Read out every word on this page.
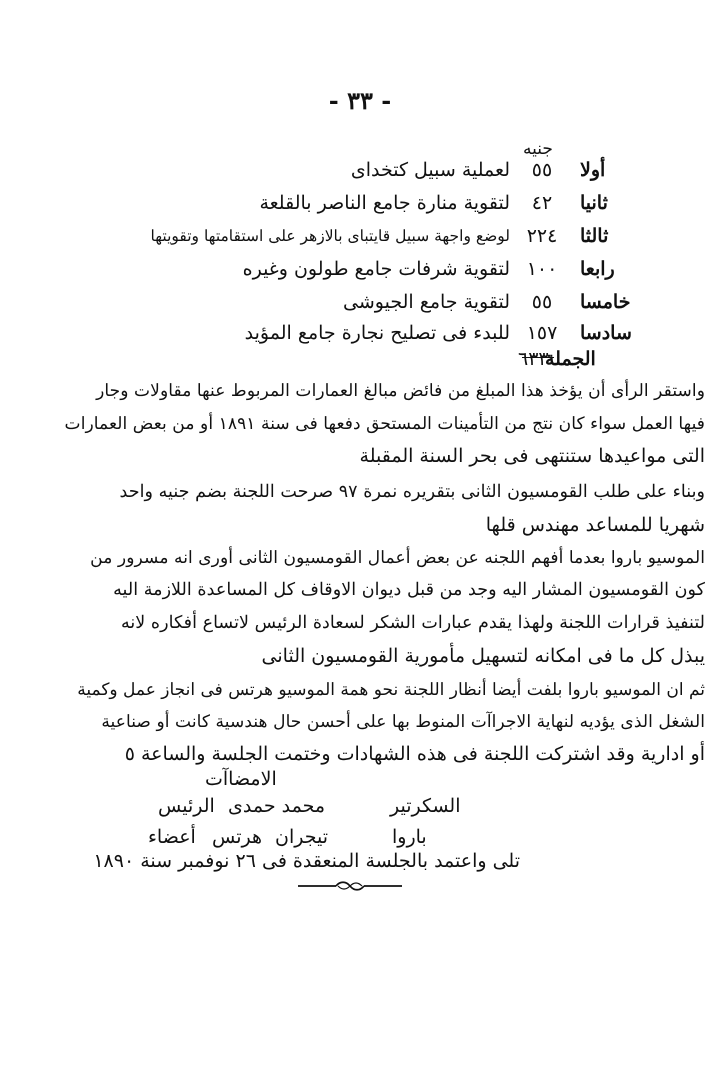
- ٣٣ -
جنيه
أولا
٥٥
لعملية سبيل كتخداى
ثانيا
٤٢
لتقوية منارة جامع الناصر بالقلعة
ثالثا
٢٢٤
لوضع واجهة سبيل قايتباى بالازهر على استقامتها وتقويتها
رابعا
١٠٠
لتقوية شرفات جامع طولون وغيره
خامسا
٥٥
لتقوية جامع الجيوشى
سادسا
١٥٧
للبدء فى تصليح نجارة جامع المؤيد
الجملة
٦٣٣
واستقر الرأى أن يؤخذ هذا المبلغ من فائض مبالغ العمارات المربوط عنها مقاولات وجار
فيها العمل سواء كان نتج من التأمينات المستحق دفعها فى سنة ١٨٩١ أو من بعض العمارات
التى مواعيدها ستنتهى فى بحر السنة المقبلة
وبناء على طلب القومسيون الثانى بتقريره نمرة ٩٧ صرحت اللجنة بضم جنيه واحد
شهريا للمساعد مهندس قلها
الموسيو باروا بعدما أفهم اللجنه عن بعض أعمال القومسيون الثانى أورى انه مسرور من
كون القومسيون المشار اليه وجد من قبل ديوان الاوقاف كل المساعدة اللازمة اليه
لتنفيذ قرارات اللجنة ولهذا يقدم عبارات الشكر لسعادة الرئيس لاتساع أفكاره لانه
يبذل كل ما فى امكانه لتسهيل مأمورية القومسيون الثانى
ثم ان الموسيو باروا بلفت أيضا أنظار اللجنة نحو همة الموسيو هرتس فى انجاز عمل وكمية
الشغل الذى يؤديه لنهاية الاجراآت المنوط بها على أحسن حال هندسية كانت أو صناعية
أو ادارية وقد اشتركت اللجنة فى هذه الشهادات وختمت الجلسة والساعة ٥
الامضاآت
الرئيس محمد حمدى	السكرتير
أعضاء هرتس تيجران	باروا
تلى واعتمد بالجلسة المنعقدة فى ٢٦ نوفمبر سنة ١٨٩٠
